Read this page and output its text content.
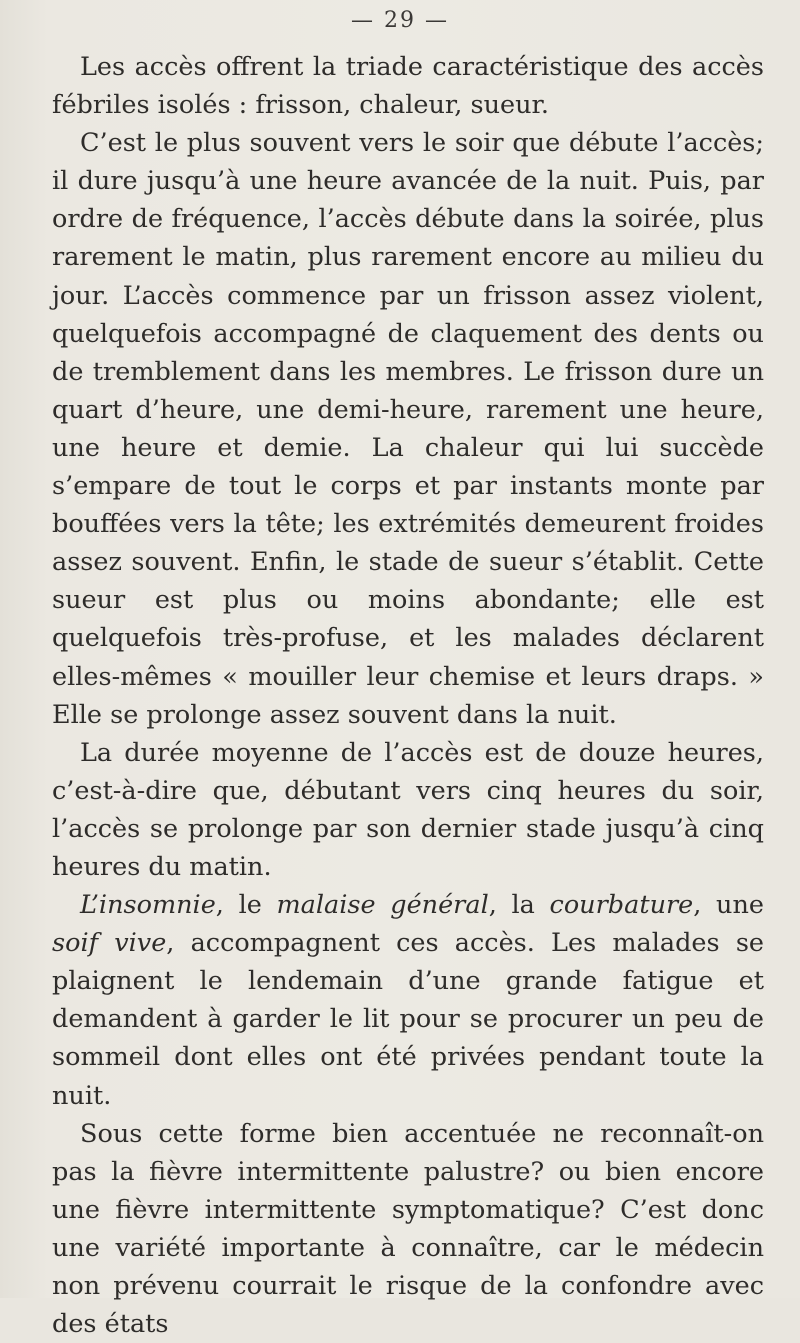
— 29 —

Les accès offrent la triade caractéristique des accès fébriles isolés : frisson, chaleur, sueur.

C’est le plus souvent vers le soir que débute l’accès; il dure jusqu’à une heure avancée de la nuit. Puis, par ordre de fréquence, l’accès débute dans la soirée, plus rarement le matin, plus rarement encore au milieu du jour. L’accès commence par un frisson assez violent, quelquefois accompagné de claquement des dents ou de tremblement dans les membres. Le frisson dure un quart d’heure, une demi-heure, rarement une heure, une heure et demie. La chaleur qui lui succède s’empare de tout le corps et par instants monte par bouffées vers la tête; les extrémités demeurent froides assez souvent. Enfin, le stade de sueur s’établit. Cette sueur est plus ou moins abondante; elle est quelquefois très-profuse, et les malades déclarent elles-mêmes « mouiller leur chemise et leurs draps. » Elle se prolonge assez souvent dans la nuit.

La durée moyenne de l’accès est de douze heures, c’est-à-dire que, débutant vers cinq heures du soir, l’accès se prolonge par son dernier stade jusqu’à cinq heures du matin.

L’insomnie, le malaise général, la courbature, une soif vive, accompagnent ces accès. Les malades se plaignent le lendemain d’une grande fatigue et demandent à garder le lit pour se procurer un peu de sommeil dont elles ont été privées pendant toute la nuit.

Sous cette forme bien accentuée ne reconnaît-on pas la fièvre intermittente palustre? ou bien encore une fièvre intermittente symptomatique? C’est donc une variété importante à connaître, car le médecin non prévenu courrait le risque de la confondre avec des états
